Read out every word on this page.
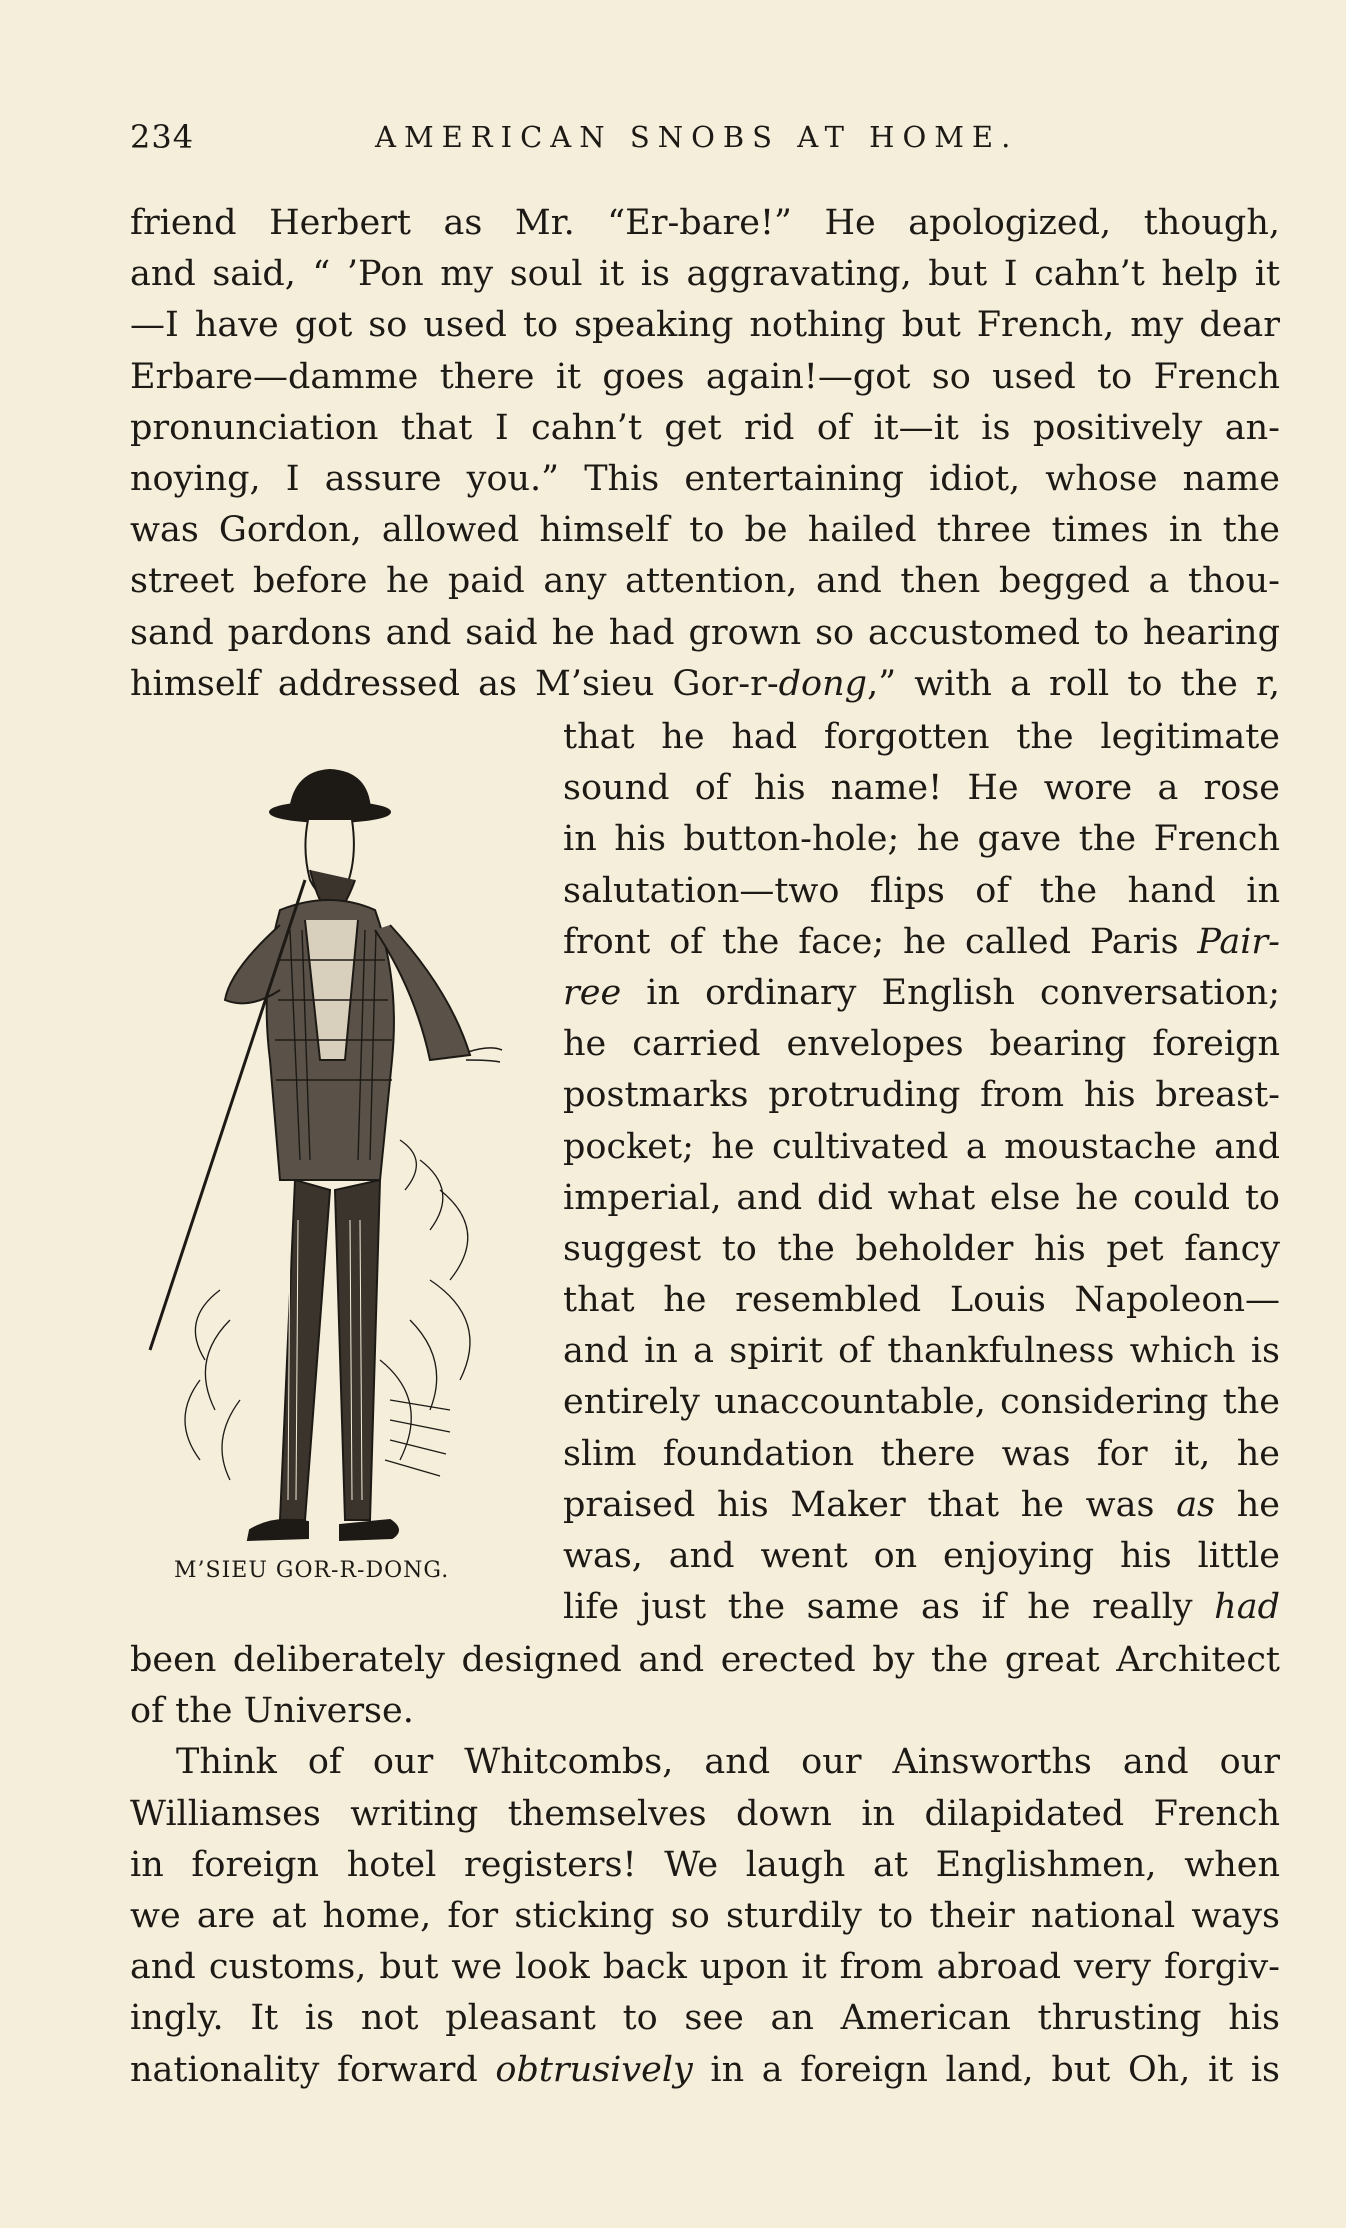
234	AMERICAN SNOBS AT HOME.
friend Herbert as Mr. “Er-bare!” He apologized, though,
and said, “ ’Pon my soul it is aggravating, but I cahn’t help it
—I have got so used to speaking nothing but French, my dear
Erbare—damme there it goes again!—got so used to French
pronunciation that I cahn’t get rid of it—it is positively an-
noying, I assure you.” This entertaining idiot, whose name
was Gordon, allowed himself to be hailed three times in the
street before he paid any attention, and then begged a thou-
sand pardons and said he had grown so accustomed to hearing
himself addressed as M’sieu Gor-r-dong,” with a roll to the r,
that he had forgotten the legitimate
sound of his name! He wore a rose
in his button-hole; he gave the French
salutation—two flips of the hand in
front of the face; he called Paris Pair-
ree in ordinary English conversation;
he carried envelopes bearing foreign
postmarks protruding from his breast-
pocket; he cultivated a moustache and
imperial, and did what else he could to
suggest to the beholder his pet fancy
that he resembled Louis Napoleon—
and in a spirit of thankfulness which is
entirely unaccountable, considering the
slim foundation there was for it, he
praised his Maker that he was as he
was, and went on enjoying his little
life just the same as if he really had
M’SIEU GOR-R-DONG.
been deliberately designed and erected by the great Architect
of the Universe.
Think of our Whitcombs, and our Ainsworths and our
Williamses writing themselves down in dilapidated French
in foreign hotel registers! We laugh at Englishmen, when
we are at home, for sticking so sturdily to their national ways
and customs, but we look back upon it from abroad very forgiv-
ingly. It is not pleasant to see an American thrusting his
nationality forward obtrusively in a foreign land, but Oh, it is
